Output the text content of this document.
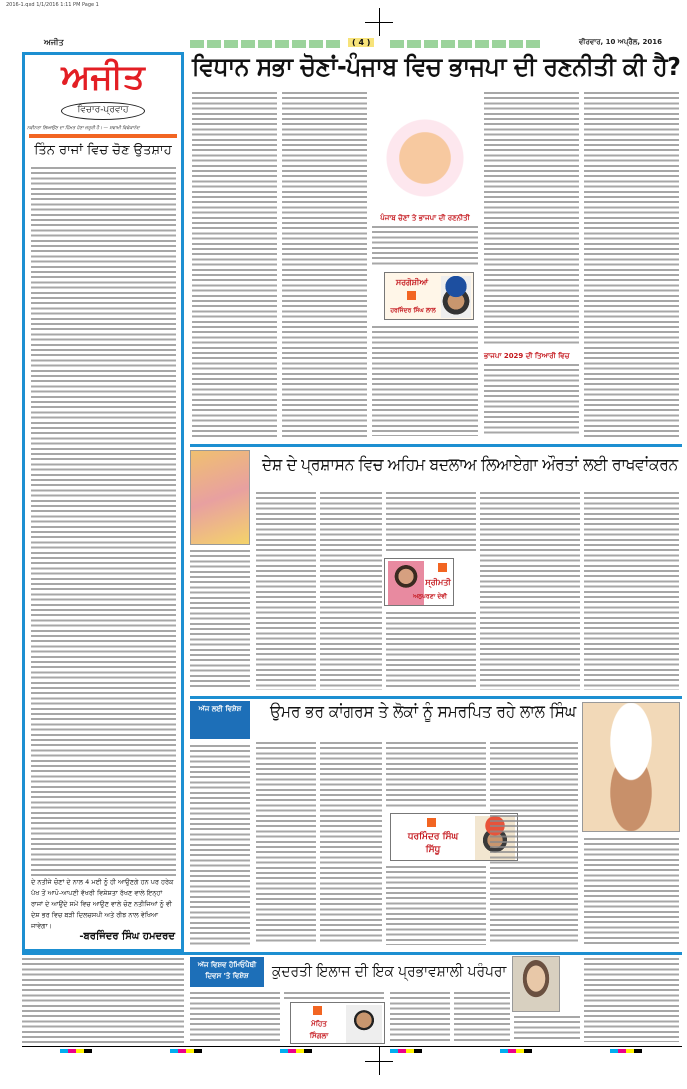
2016-1.qxd 1/1/2016 1:11 PM Page 1
ਅਜੀਤ	( 4 )	ਵੀਰਵਾਰ, 10 ਅਪ੍ਰੈਲ, 2016
ਅਜੀਤ
ਵਿਚਾਰ-ਪ੍ਰਵਾਹ
ਨਵੀਨਤਾ ਲਿਆਉਣ ਦਾ ਹਿੰਮਤ ਹੋਣਾ ਜ਼ਰੂਰੀ ਹੈ। — ਸਵਾਮੀ ਵਿਵੇਕਾਨੰਦ
ਤਿੰਨ ਰਾਜਾਂ ਵਿਚ ਚੋਣ ਉਤਸ਼ਾਹ
ਦੇ ਨਤੀਜੇ ਚੋਣਾਂ ਦੇ ਨਾਲ 4 ਮਈ ਨੂੰ ਹੀ ਆਉਣਗੇ ਹਨ ਪਰ ਹਰੇਕ ਪੱਖ ਤੋਂ ਆਪੋ-ਆਪਣੀ ਵੱਖਰੀ ਵਿਸ਼ੇਸ਼ਤਾ ਰੱਖਣ ਵਾਲੇ ਇਨ੍ਹਾਂ ਰਾਜਾਂ ਦੇ ਆਉਂਦੇ ਸਮੇਂ ਵਿਚ ਆਉਣ ਵਾਲੇ ਚੋਣ ਨਤੀਜਿਆਂ ਨੂੰ ਵੀ ਦੇਸ਼ ਭਰ ਵਿਚ ਬੜੀ ਦਿਲਚਸਪੀ ਅਤੇ ਰੀਝ ਨਾਲ ਵੇਖਿਆ ਜਾਵੇਗਾ।
-ਬਰਜਿੰਦਰ ਸਿੰਘ ਹਮਦਰਦ
ਵਿਧਾਨ ਸਭਾ ਚੋਣਾਂ-ਪੰਜਾਬ ਵਿਚ ਭਾਜਪਾ ਦੀ ਰਣਨੀਤੀ ਕੀ ਹੈ?
ਪੰਜਾਬ ਚੋਣਾਂ ਤੇ ਭਾਜਪਾ ਦੀ ਰਣਨੀਤੀ
ਸਰਗੋਸ਼ੀਆਂ
ਹਰਜਿੰਦਰ ਸਿੰਘ ਲਾਲ
ਭਾਜਪਾ 2029 ਦੀ ਤਿਆਰੀ ਵਿਚ
ਦੇਸ਼ ਦੇ ਪ੍ਰਸ਼ਾਸਨ ਵਿਚ ਅਹਿਮ ਬਦਲਾਅ ਲਿਆਏਗਾ ਔਰਤਾਂ ਲਈ ਰਾਖਵਾਂਕਰਨ
ਸ੍ਰੀਮਤੀ
ਅਨੁਪਰਣਾ ਦੇਵੀ
ਅੱਜ ਲਈ ਵਿਸ਼ੇਸ਼	ਉਮਰ ਭਰ ਕਾਂਗਰਸ ਤੇ ਲੋਕਾਂ ਨੂੰ ਸਮਰਪਿਤ ਰਹੇ ਲਾਲ ਸਿੰਘ
ਧਰਮਿੰਦਰ ਸਿੰਘ
ਸਿੱਧੂ
ਅੱਜ ਵਿਸ਼ਵ ਹੋਮਿਓਪੈਥੀ ਦਿਵਸ 'ਤੇ ਵਿਸ਼ੇਸ਼	ਕੁਦਰਤੀ ਇਲਾਜ ਦੀ ਇਕ ਪ੍ਰਭਾਵਸ਼ਾਲੀ ਪਰੰਪਰਾ
ਮੋਹਿਤ
ਸਿੰਗਲਾ
